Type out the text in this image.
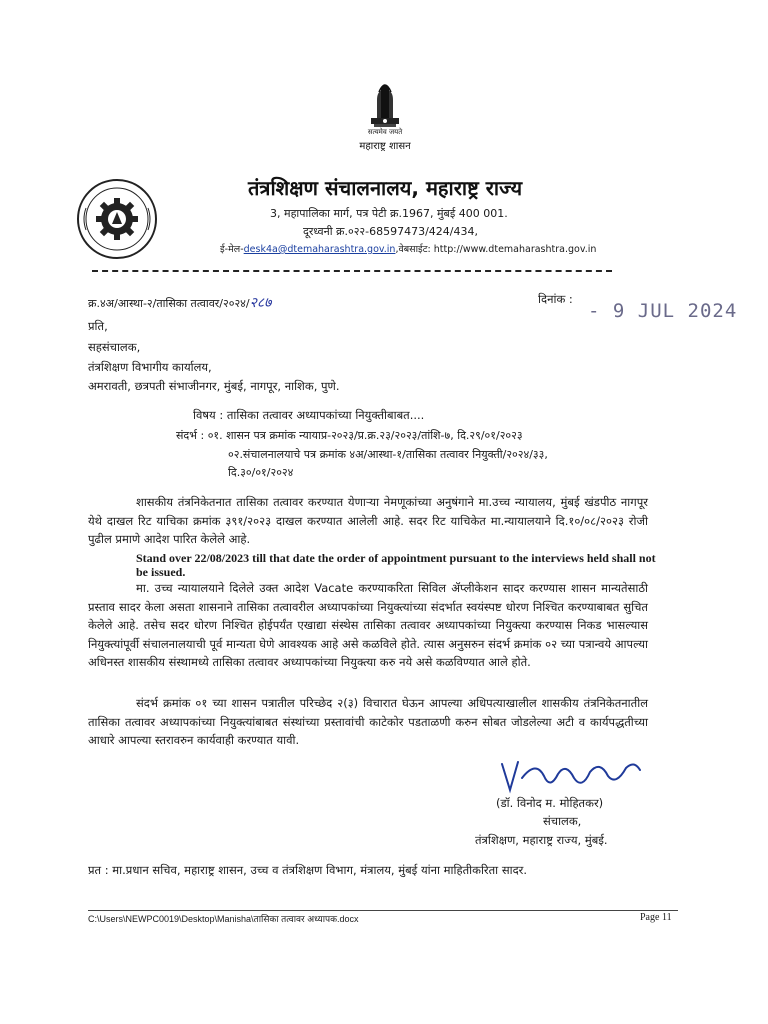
सत्यमेव जयते
महाराष्ट्र शासन
तंत्रशिक्षण संचालनालय, महाराष्ट्र राज्य
3, महापालिका मार्ग, पत्र पेटी क्र.1967, मुंबई 400 001.
दूरध्वनी क्र.०२२-68597473/424/434,
ई-मेल-desk4a@dtemaharashtra.gov.in,वेबसाईट: http://www.dtemaharashtra.gov.in
क्र.४अ/आस्था-२/तासिका तत्वावर/२०२४/२८७	दिनांक :
- 9 JUL 2024
प्रति,
सहसंचालक,
तंत्रशिक्षण विभागीय कार्यालय,
अमरावती, छत्रपती संभाजीनगर, मुंबई, नागपूर, नाशिक, पुणे.
विषय : तासिका तत्वावर अध्यापकांच्या नियुक्तीबाबत....
संदर्भ : ०१. शासन पत्र क्रमांक न्यायाप्र-२०२३/प्र.क्र.२३/२०२३/तांशि-७, दि.२९/०१/२०२३
०२.संचालनालयाचे पत्र क्रमांक ४अ/आस्था-१/तासिका तत्वावर नियुक्ती/२०२४/३३,
दि.३०/०१/२०२४
शासकीय तंत्रनिकेतनात तासिका तत्वावर करण्यात येणाऱ्या नेमणूकांच्या अनुषंगाने मा.उच्च न्यायालय, मुंबई खंडपीठ नागपूर येथे दाखल रिट याचिका क्रमांक ३९१/२०२३ दाखल करण्यात आलेली आहे. सदर रिट याचिकेत मा.न्यायालयाने दि.१०/०८/२०२३ रोजी पुढील प्रमाणे आदेश पारित केलेले आहे.
Stand over 22/08/2023 till that date the order of appointment pursuant to the interviews held shall not be issued.
मा. उच्च न्यायालयाने दिलेले उक्त आदेश Vacate करण्याकरिता सिविल ॲप्लीकेशन सादर करण्यास शासन मान्यतेसाठी प्रस्ताव सादर केला असता शासनाने तासिका तत्वावरील अध्यापकांच्या नियुक्त्यांच्या संदर्भात स्वयंस्पष्ट धोरण निश्चित करण्याबाबत सुचित केलेले आहे. तसेच सदर धोरण निश्चित होईपर्यंत एखाद्या संस्थेस तासिका तत्वावर अध्यापकांच्या नियुक्त्या करण्यास निकड भासल्यास नियुक्त्यांपूर्वी संचालनालयाची पूर्व मान्यता घेणे आवश्यक आहे असे कळविले होते. त्यास अनुसरुन संदर्भ क्रमांक ०२ च्या पत्रान्वये आपल्या अधिनस्त शासकीय संस्थामध्ये तासिका तत्वावर अध्यापकांच्या नियुक्त्या करु नये असे कळविण्यात आले होते.
संदर्भ क्रमांक ०१ च्या शासन पत्रातील परिच्छेद २(३) विचारात घेऊन आपल्या अधिपत्याखालील शासकीय तंत्रनिकेतनातील तासिका तत्वावर अध्यापकांच्या नियुक्त्यांबाबत संस्थांच्या प्रस्तावांची काटेकोर पडताळणी करुन सोबत जोडलेल्या अटी व कार्यपद्धतीच्या आधारे आपल्या स्तरावरुन कार्यवाही करण्यात यावी.
(डॉ. विनोद म. मोहितकर)
संचालक,
तंत्रशिक्षण, महाराष्ट्र राज्य, मुंबई.
प्रत : मा.प्रधान सचिव, महाराष्ट्र शासन, उच्च व तंत्रशिक्षण विभाग, मंत्रालय, मुंबई यांना माहितीकरिता सादर.
C:\Users\NEWPC0019\Desktop\Manisha\तासिका तत्वावर अध्यापक.docx	Page 11
